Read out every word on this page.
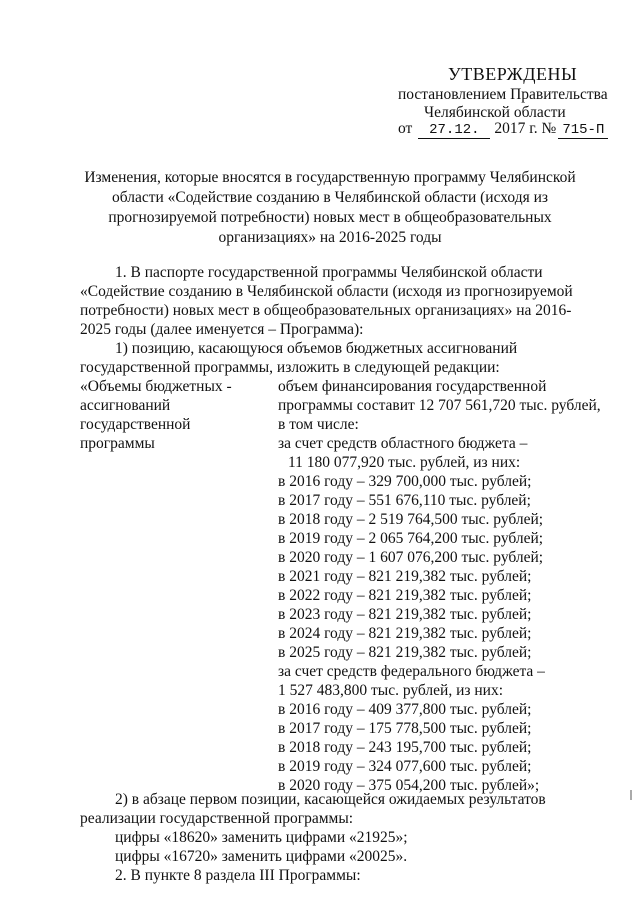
УТВЕРЖДЕНЫ
постановлением Правительства
Челябинской области
от	27.12. 2017 г. № 715-П
Изменения, которые вносятся в государственную программу Челябинской области «Содействие созданию в Челябинской области (исходя из прогнозируемой потребности) новых мест в общеобразовательных организациях» на 2016-2025 годы
1. В паспорте государственной программы Челябинской области
«Содействие созданию в Челябинской области (исходя из прогнозируемой
потребности) новых мест в общеобразовательных организациях» на 2016-
2025 годы (далее именуется – Программа):
1) позицию, касающуюся объемов бюджетных ассигнований
государственной программы, изложить в следующей редакции:
«Объемы бюджетных -
ассигнований
государственной
программы
объем финансирования государственной
программы составит 12 707 561,720 тыс. рублей,
в том числе:
за счет средств областного бюджета –
11 180 077,920 тыс. рублей, из них:
в 2016 году – 329 700,000 тыс. рублей;
в 2017 году – 551 676,110 тыс. рублей;
в 2018 году – 2 519 764,500 тыс. рублей;
в 2019 году – 2 065 764,200 тыс. рублей;
в 2020 году – 1 607 076,200 тыс. рублей;
в 2021 году – 821 219,382 тыс. рублей;
в 2022 году – 821 219,382 тыс. рублей;
в 2023 году – 821 219,382 тыс. рублей;
в 2024 году – 821 219,382 тыс. рублей;
в 2025 году – 821 219,382 тыс. рублей;
за счет средств федерального бюджета –
1 527 483,800 тыс. рублей, из них:
в 2016 году – 409 377,800 тыс. рублей;
в 2017 году – 175 778,500 тыс. рублей;
в 2018 году – 243 195,700 тыс. рублей;
в 2019 году – 324 077,600 тыс. рублей;
в 2020 году – 375 054,200 тыс. рублей»;
2) в абзаце первом позиции, касающейся ожидаемых результатов
реализации государственной программы:
цифры «18620» заменить цифрами «21925»;
цифры «16720» заменить цифрами «20025».
2. В пункте 8 раздела III Программы:
